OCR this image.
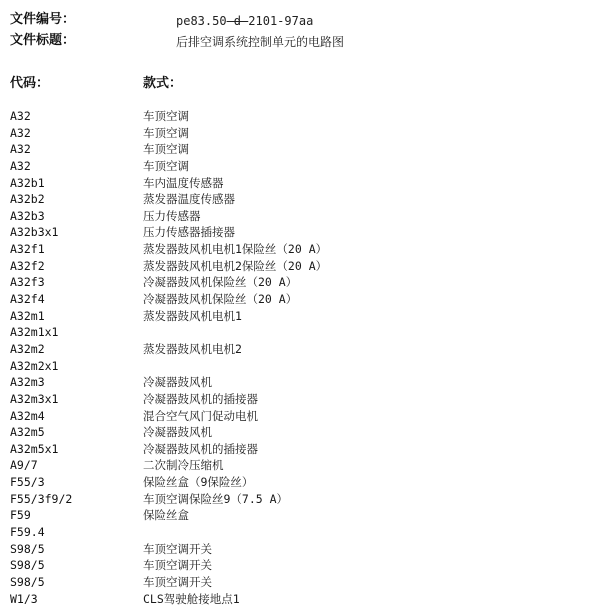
文件编号：	pe83.50-d-2101-97aa
文件标题：	后排空调系统控制单元的电路图
代码：	款式：
A32	车顶空调
A32	车顶空调
A32	车顶空调
A32	车顶空调
A32b1	车内温度传感器
A32b2	蒸发器温度传感器
A32b3	压力传感器
A32b3x1	压力传感器插接器
A32f1	蒸发器鼓风机电机1保险丝（20 A）
A32f2	蒸发器鼓风机电机2保险丝（20 A）
A32f3	冷凝器鼓风机保险丝（20 A）
A32f4	冷凝器鼓风机保险丝（20 A）
A32m1	蒸发器鼓风机电机1
A32m1x1
A32m2	蒸发器鼓风机电机2
A32m2x1
A32m3	冷凝器鼓风机
A32m3x1	冷凝器鼓风机的插接器
A32m4	混合空气风门促动电机
A32m5	冷凝器鼓风机
A32m5x1	冷凝器鼓风机的插接器
A9/7	二次制冷压缩机
F55/3	保险丝盒（9保险丝）
F55/3f9/2	车顶空调保险丝9（7.5 A）
F59	保险丝盒
F59.4
S98/5	车顶空调开关
S98/5	车顶空调开关
S98/5	车顶空调开关
W1/3	CLS驾驶舱接地点1
